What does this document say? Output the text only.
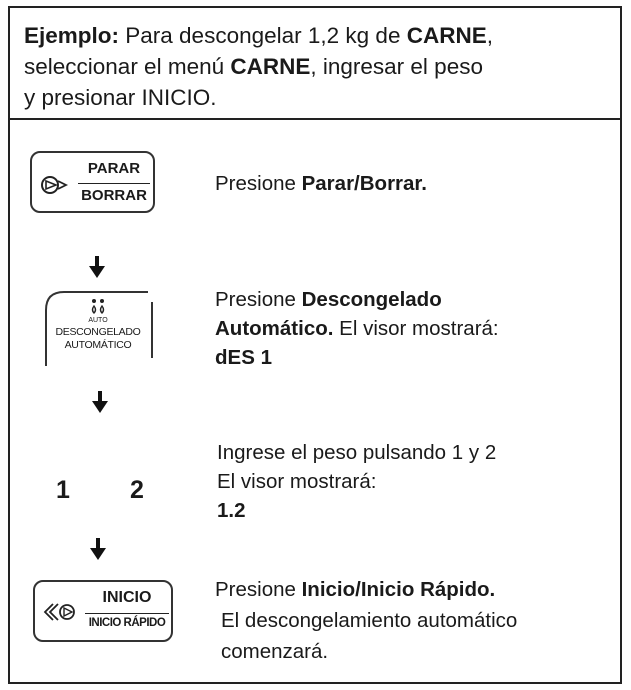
Ejemplo: Para descongelar 1,2 kg de CARNE,
seleccionar el menú CARNE, ingresar el peso
y presionar INICIO.
PARAR
BORRAR
Presione Parar/Borrar.
AUTO
DESCONGELADO
AUTOMÁTICO
Presione Descongelado
Automático. El visor mostrará:
dES 1
1 2
Ingrese el peso pulsando 1 y 2
El visor mostrará:
1.2
INICIO
INICIO RÁPIDO
Presione Inicio/Inicio Rápido.
El descongelamiento automático
comenzará.
